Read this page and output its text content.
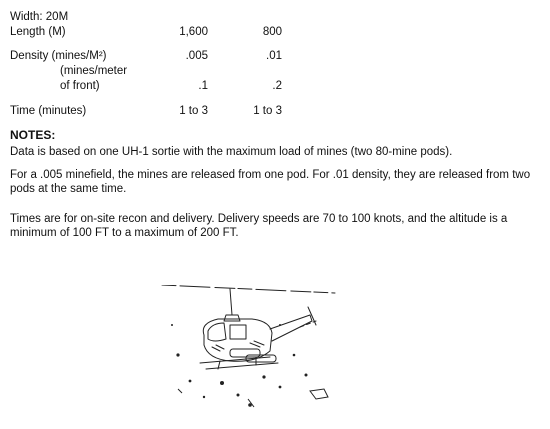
Width: 20M
Length (M)	1,600	800
Density (mines/M²)	.005	.01
(mines/meter
of front)	.1	.2
Time (minutes)	1 to 3	1 to 3
NOTES:
Data is based on one UH-1 sortie with the maximum load of mines (two 80-mine pods).
For a .005 minefield, the mines are released from one pod. For .01 density, they are released from two pods at the same time.
Times are for on-site recon and delivery. Delivery speeds are 70 to 100 knots, and the altitude is a minimum of 100 FT to a maximum of 200 FT.
